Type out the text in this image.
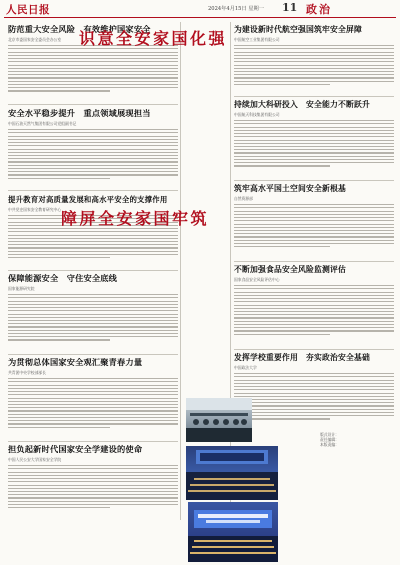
人民日报	2024年4月15日 星期一 11 政治
防范重大安全风险　有效维护国家安全
北京市委国家安全委员会办公室
安全水平稳步提升　重点领域展现担当
中国石油天然气集团有限公司党组副书记
提升教育对高质量发展和高水平安全的支撑作用
中共党史国家安全教育研究中心
保障能源安全　守住安全底线
国家能源研究院
为贯彻总体国家安全观汇聚青春力量
共青团中央学校部部长
担负起新时代国家安全学建设的使命
中国人民公安大学国家安全学院
强化国家安全意识
筑牢国家安全屏障
为建设新时代航空强国筑牢安全屏障
中国航空工业集团有限公司
持续加大科研投入　安全能力不断跃升
中国航天科技集团有限公司
筑牢高水平国土空间安全新根基
自然资源部
不断加强食品安全风险监测评估
国家食品安全风险评估中心
发挥学校重要作用　夯实政治安全基础
中国政法大学
版式设计：
责任编辑：
本版责编：
